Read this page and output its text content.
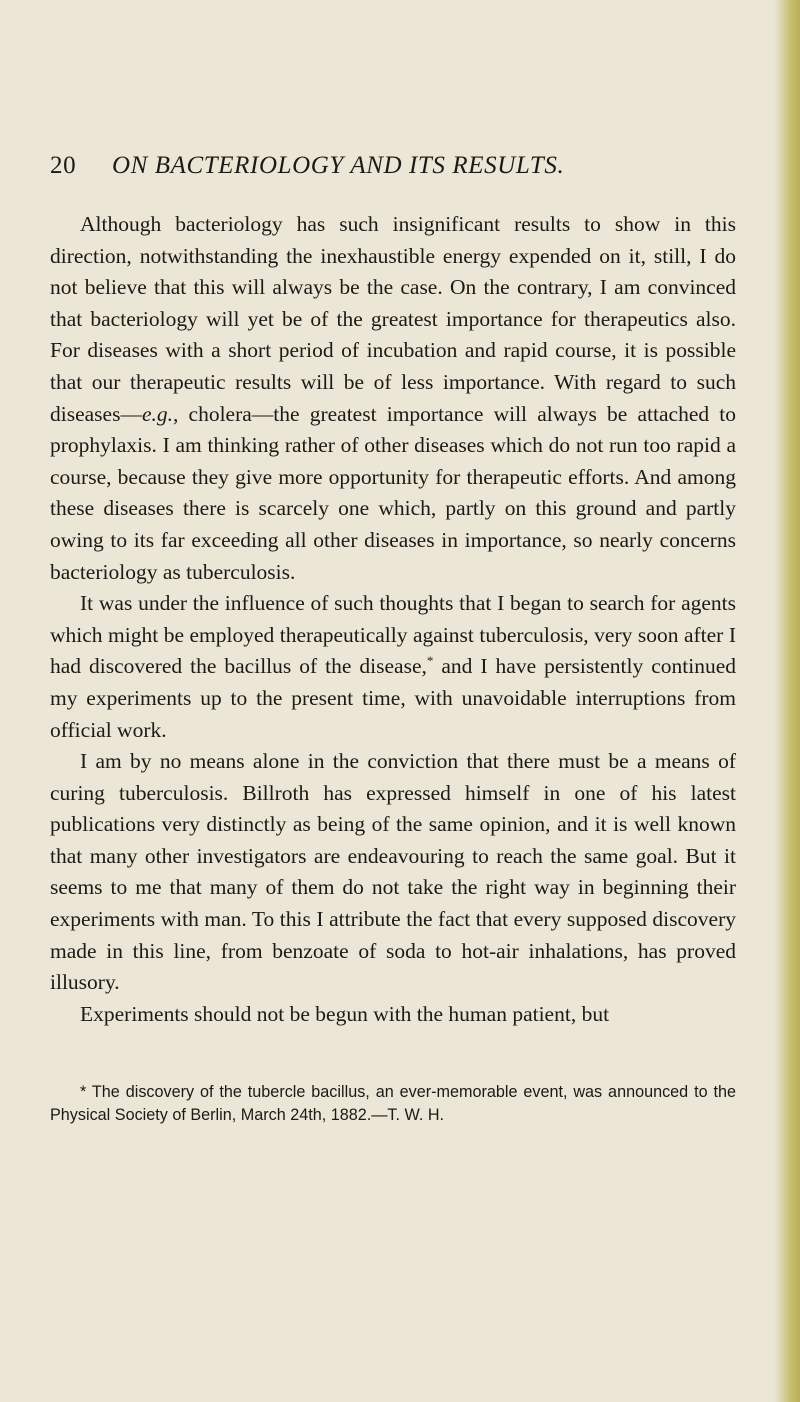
20 ON BACTERIOLOGY AND ITS RESULTS.

Although bacteriology has such insignificant results to show in this direction, notwithstanding the inexhaustible energy expended on it, still, I do not believe that this will always be the case. On the contrary, I am convinced that bacteriology will yet be of the greatest importance for therapeutics also. For diseases with a short period of incubation and rapid course, it is possible that our therapeutic results will be of less importance. With regard to such diseases—e.g., cholera—the greatest importance will always be attached to prophylaxis. I am thinking rather of other diseases which do not run too rapid a course, because they give more opportunity for therapeutic efforts. And among these diseases there is scarcely one which, partly on this ground and partly owing to its far exceeding all other diseases in importance, so nearly concerns bacteriology as tuberculosis.

It was under the influence of such thoughts that I began to search for agents which might be employed therapeutically against tuberculosis, very soon after I had discovered the bacillus of the disease,* and I have persistently continued my experiments up to the present time, with unavoidable interruptions from official work.

I am by no means alone in the conviction that there must be a means of curing tuberculosis. Billroth has expressed himself in one of his latest publications very distinctly as being of the same opinion, and it is well known that many other investigators are endeavouring to reach the same goal. But it seems to me that many of them do not take the right way in beginning their experiments with man. To this I attribute the fact that every supposed discovery made in this line, from benzoate of soda to hot-air inhalations, has proved illusory.

Experiments should not be begun with the human patient, but

* The discovery of the tubercle bacillus, an ever-memorable event, was announced to the Physical Society of Berlin, March 24th, 1882.—T. W. H.
